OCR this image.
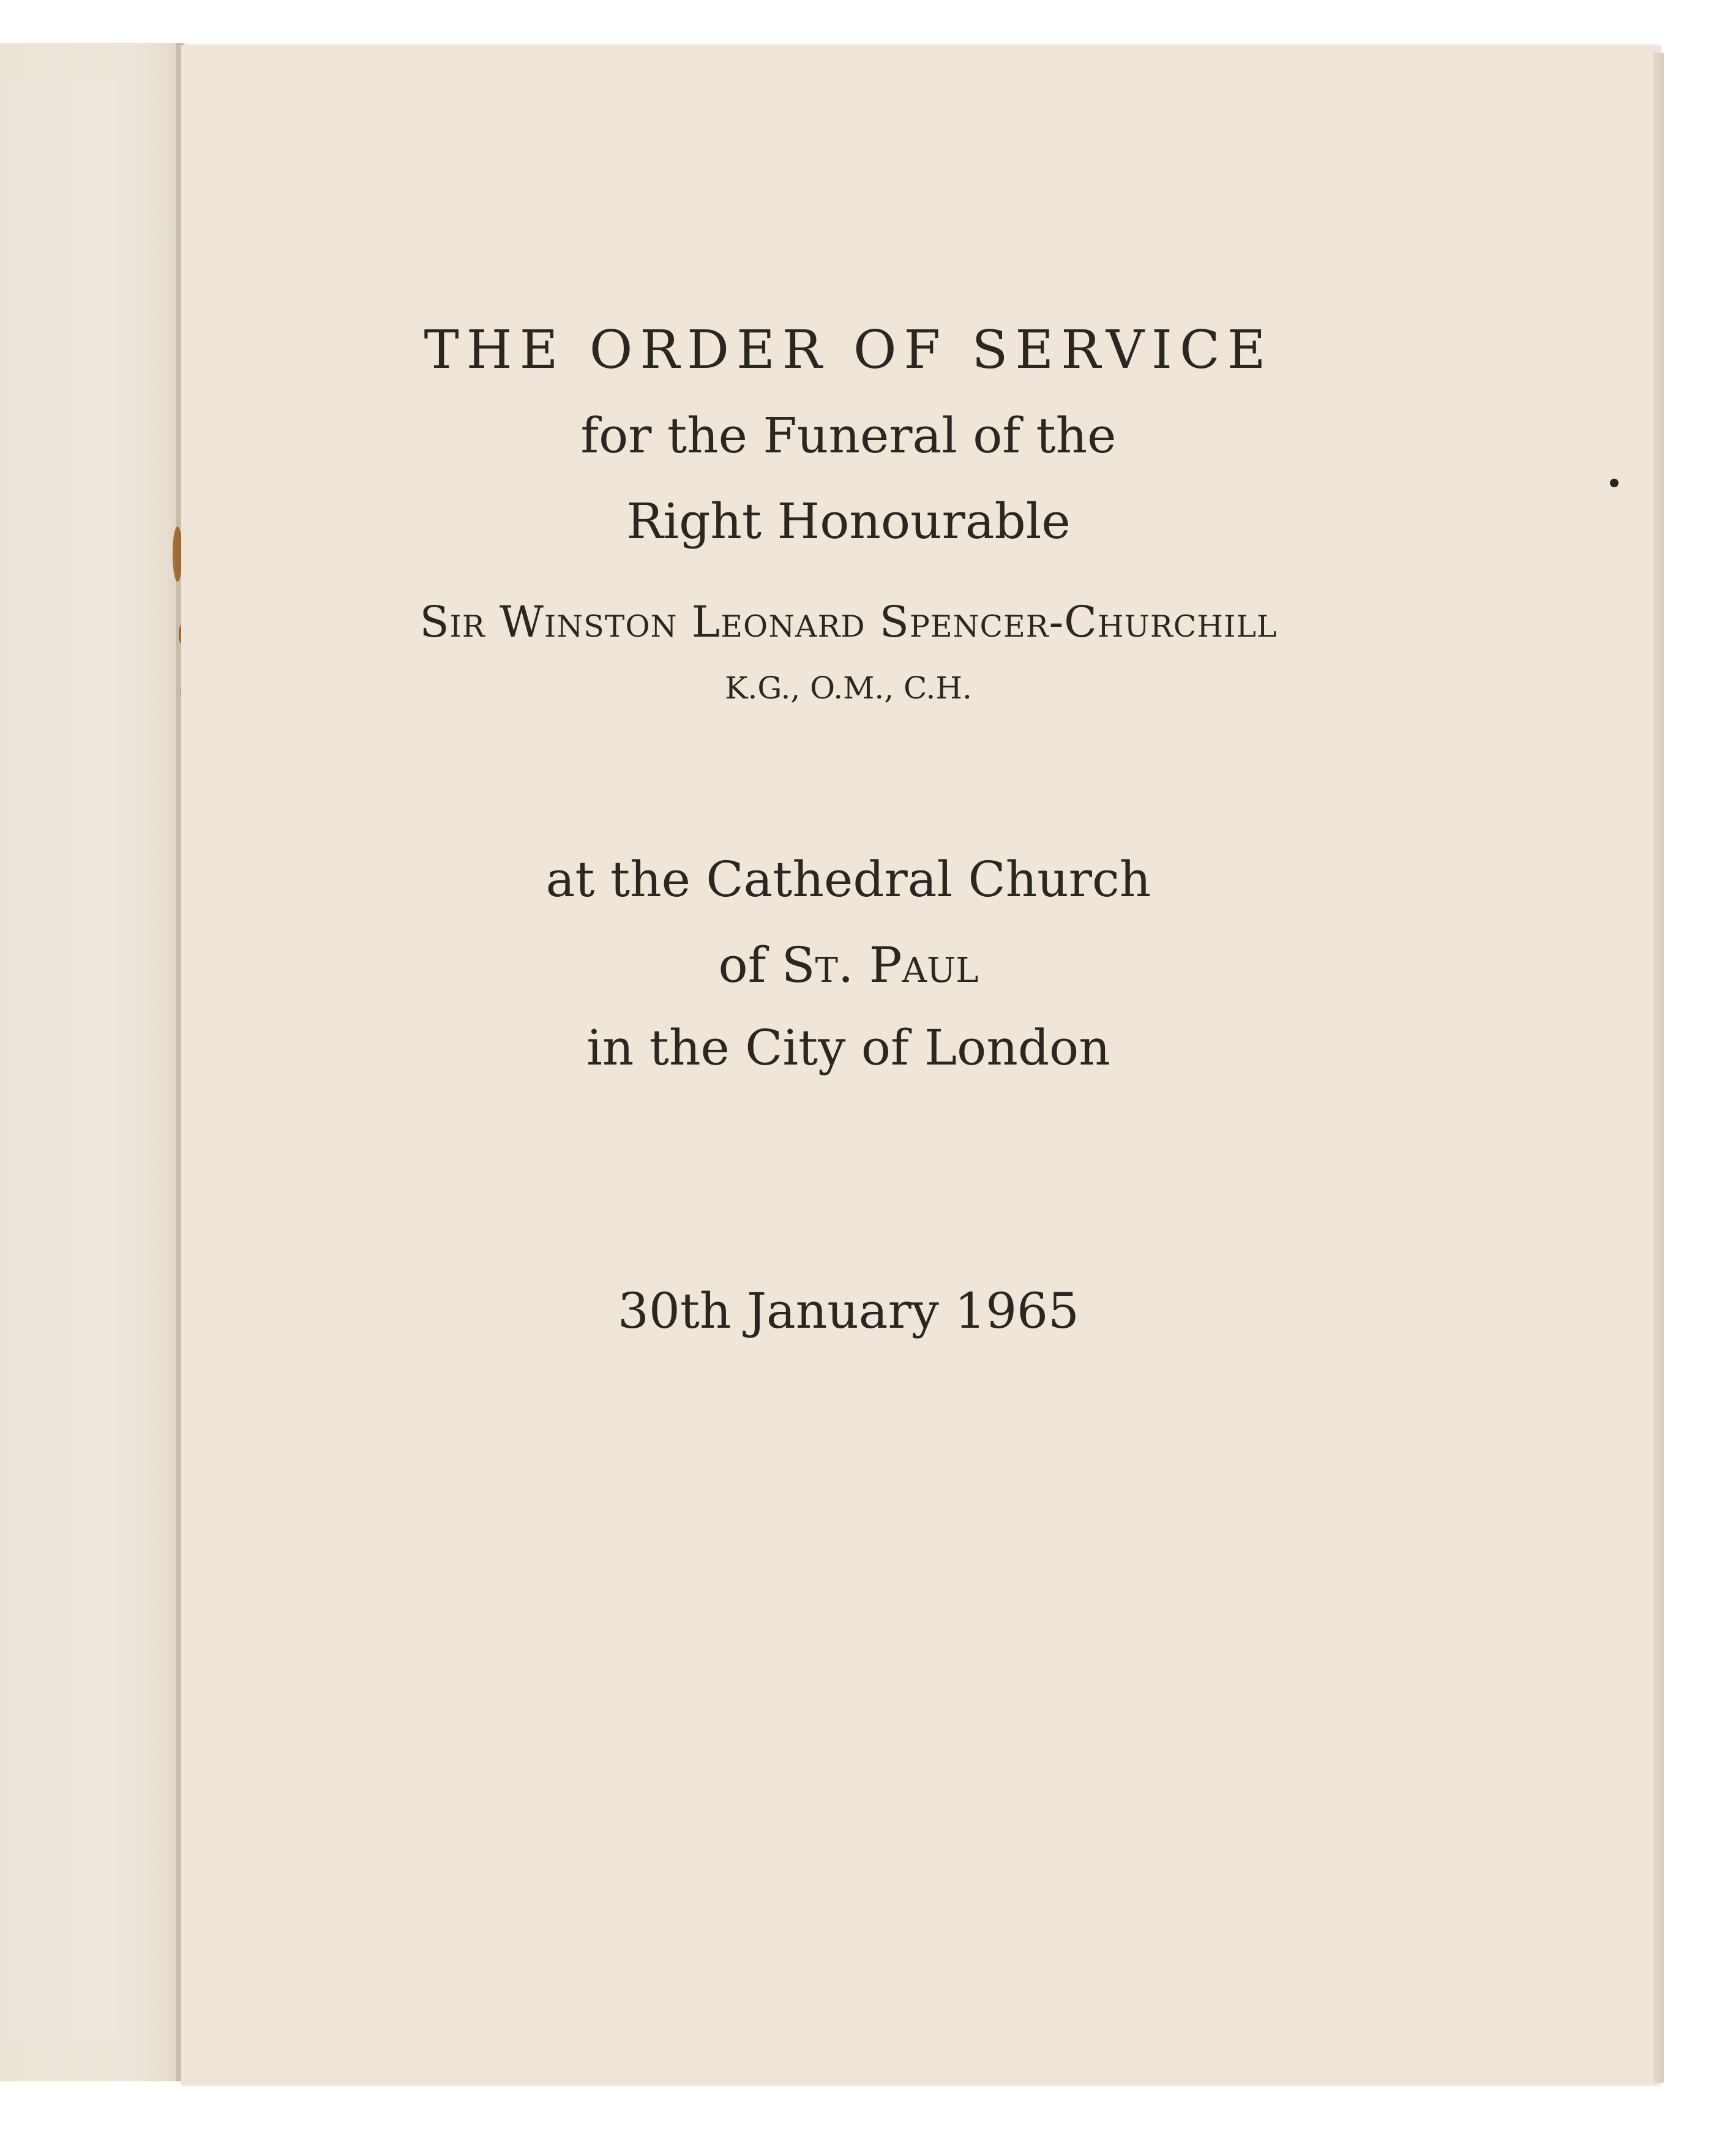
THE ORDER OF SERVICE

for the Funeral of the

Right Honourable

Sir Winston Leonard Spencer-Churchill

K.G., O.M., C.H.

at the Cathedral Church

of St. Paul

in the City of London

30th January 1965
